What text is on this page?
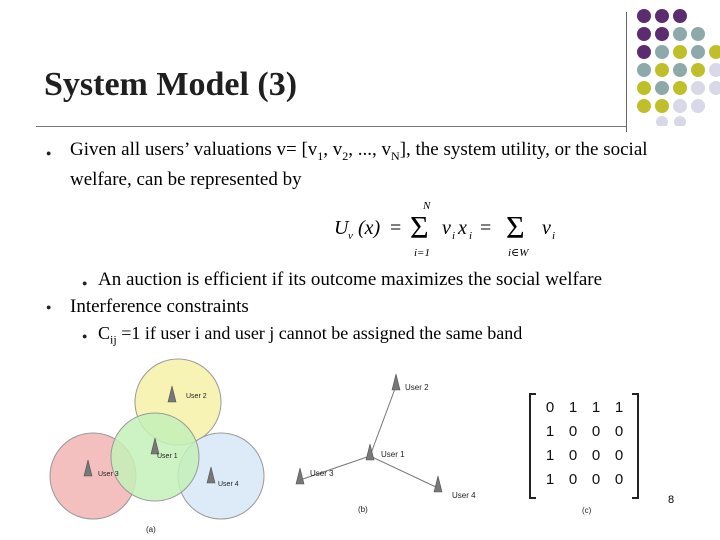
System Model (3)
● Given all users’ valuations $v= [v_1$, $v_2$, ..., $v_N$], the system utility, or the social welfare, can be represented by
U v (x) =
N
Σ
i=1
v i x i = Σ
i∈W
v i
● An auction is efficient if its outcome maximizes the social welfare
● Interference constraints
● $C_{ij} =1$ if user i and user j cannot be assigned the same band
User 2
User 3
User 1
User 4
(a)
User 2
User 1
User 3
User 4
(b)
0 1 1 1
1 0 0 0
1 0 0 0
1 0 0 0
(c)
8
